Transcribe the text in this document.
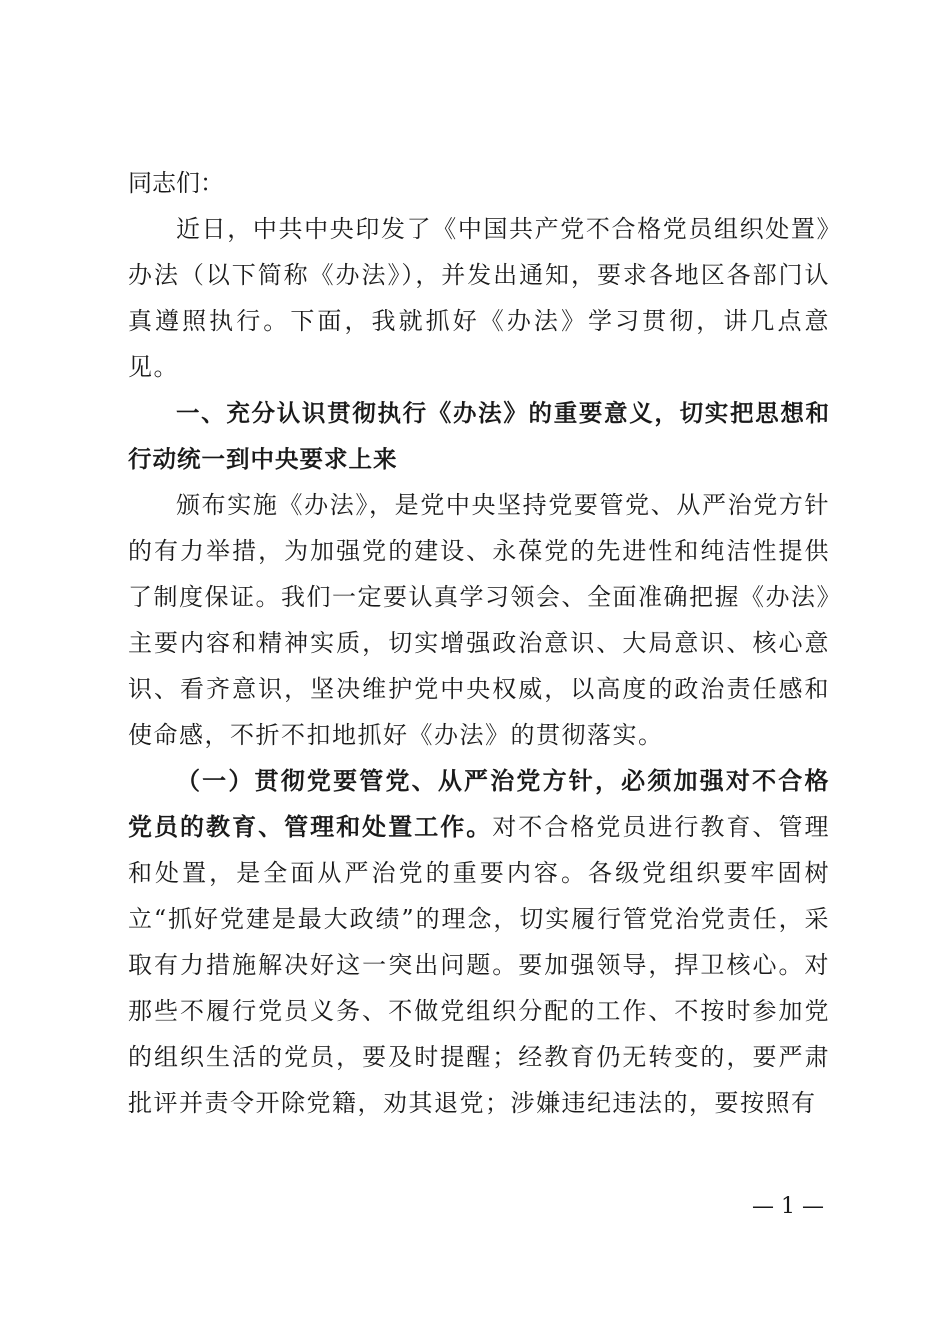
同志们：

近日，中共中央印发了《中国共产党不合格党员组织处置》办法（以下简称《办法》），并发出通知，要求各地区各部门认真遵照执行。下面，我就抓好《办法》学习贯彻，讲几点意见。

一、充分认识贯彻执行《办法》的重要意义，切实把思想和行动统一到中央要求上来

颁布实施《办法》，是党中央坚持党要管党、从严治党方针的有力举措，为加强党的建设、永葆党的先进性和纯洁性提供了制度保证。我们一定要认真学习领会、全面准确把握《办法》主要内容和精神实质，切实增强政治意识、大局意识、核心意识、看齐意识，坚决维护党中央权威，以高度的政治责任感和使命感，不折不扣地抓好《办法》的贯彻落实。

（一）贯彻党要管党、从严治党方针，必须加强对不合格党员的教育、管理和处置工作。对不合格党员进行教育、管理和处置，是全面从严治党的重要内容。各级党组织要牢固树立“抓好党建是最大政绩”的理念，切实履行管党治党责任，采取有力措施解决好这一突出问题。要加强领导，捍卫核心。对那些不履行党员义务、不做党组织分配的工作、不按时参加党的组织生活的党员，要及时提醒；经教育仍无转变的，要严肃批评并责令开除党籍，劝其退党；涉嫌违纪违法的，要按照有

— 1 —
